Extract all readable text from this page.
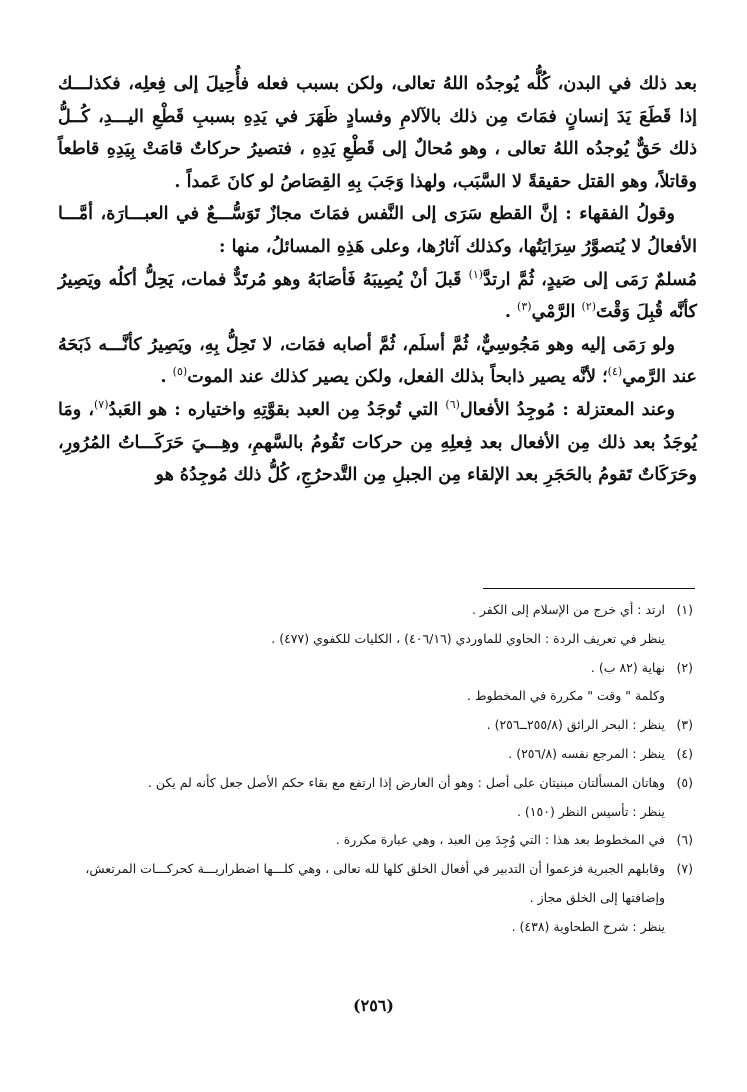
بعد ذلك في البدن، كُلُّه يُوجدُه اللهُ تعالى، ولكن بسبب فعله فأُحِيلَ إلى فِعلِه، فكذلـــك إذا قَطَعَ يَدَ إنسانٍ فمَاتَ مِن ذلك بالآلامِ وفسادٍ ظَهَرَ في يَدِهِ بسببِ قَطْعِ اليـــدِ، كُــلُّ ذلك حَقٌّ يُوجدُه اللهُ تعالى ، وهو مُحالٌ إلى قَطْعِ يَدِهِ ، فتصيرُ حركاتٌ قامَتْ بِيَدِهِ قاطعاً وقاتلاً، وهو القتل حقيقةً لا السَّبَب، ولهذا وَجَبَ بِهِ القِصَاصُ لو كانَ عَمداً .

وقولُ الفقهاء : إنَّ القطع سَرَى إلى النَّفس فمَاتَ مجازٌ تَوَسُّـــعٌ في العبـــارَة، أمَّـــا الأفعالُ لا يُتصوَّرُ سِرَايَتُها، وكذلك آثارُها، وعلى هَذِهِ المسائلُ، منها :

مُسلمٌ رَمَى إلى صَيدٍ، ثُمَّ ارتدَّ$^{(١)}$ قَبلَ أنْ يُصِيبَهُ فَأصَابَهُ وهو مُرتَدٌّ فمات، يَحِلُّ أكلُه ويَصِيرُ كأنَّه قُبِلَ وَقْتَ$^{(٢)}$ الرَّمْي$^{(٣)}$ .

ولو رَمَى إليه وهو مَجُوسِيٌّ، ثُمَّ أسلَم، ثُمَّ أصابه فمَات، لا تَحِلُّ بِهِ، ويَصِيرُ كأنَّـــه ذَبَحَهُ عند الرَّمي$^{(٤)}$؛ لأنَّه يصير ذابحاً بذلك الفعل، ولكن يصير كذلك عند الموت$^{(٥)}$ .

وعند المعتزلة : مُوجِدُ الأفعال$^{(٦)}$ التي تُوجَدُ مِن العبد بقوَّتِهِ واختياره : هو العَبدُ$^{(٧)}$، ومَا يُوجَدُ بعد ذلك مِن الأفعال بعد فِعلِهِ مِن حركات تَقُومُ بالسَّهمِ، وهِـــيَ حَرَكَـــاتُ المُرُورِ، وحَرَكَاتٌ تَقومُ بالحَجَرِ بعد الإلقاء مِن الجبلِ مِن التَّدحرُجِ، كُلُّ ذلك مُوجِدُهُ هو

(١)
ارتد : أي خرج من الإسلام إلى الكفر .
ينظر في تعريف الردة : الحاوي للماوردي (٤٠٦/١٦) ، الكليات للكفوي (٤٧٧) .
(٢)
نهاية (٨٢ ب) .
وكلمة " وقت " مكررة في المخطوط .
(٣)
ينظر : البحر الرائق (٢٥٥/٨ــ٢٥٦) .
(٤)
ينظر : المرجع نفسه (٢٥٦/٨) .
(٥)
وهاتان المسألتان مبنيتان على أصل : وهو أن العارض إذا ارتفع مع بقاء حكم الأصل جعل كأنه لم يكن .
ينظر : تأسيس النظر (١٥٠) .
(٦)
في المخطوط بعد هذا : التي وُجِدَ مِن العبد ، وهي عبارة مكررة .
(٧)
وقابلهم الجبرية فزعموا أن التدبير في أفعال الخلق كلها لله تعالى ، وهي كلـــها اضطراريـــة كحركـــات المرتعش، وإضافتها إلى الخلق مجاز .
ينظر : شرح الطحاوية (٤٣٨) .
(٢٥٦)
